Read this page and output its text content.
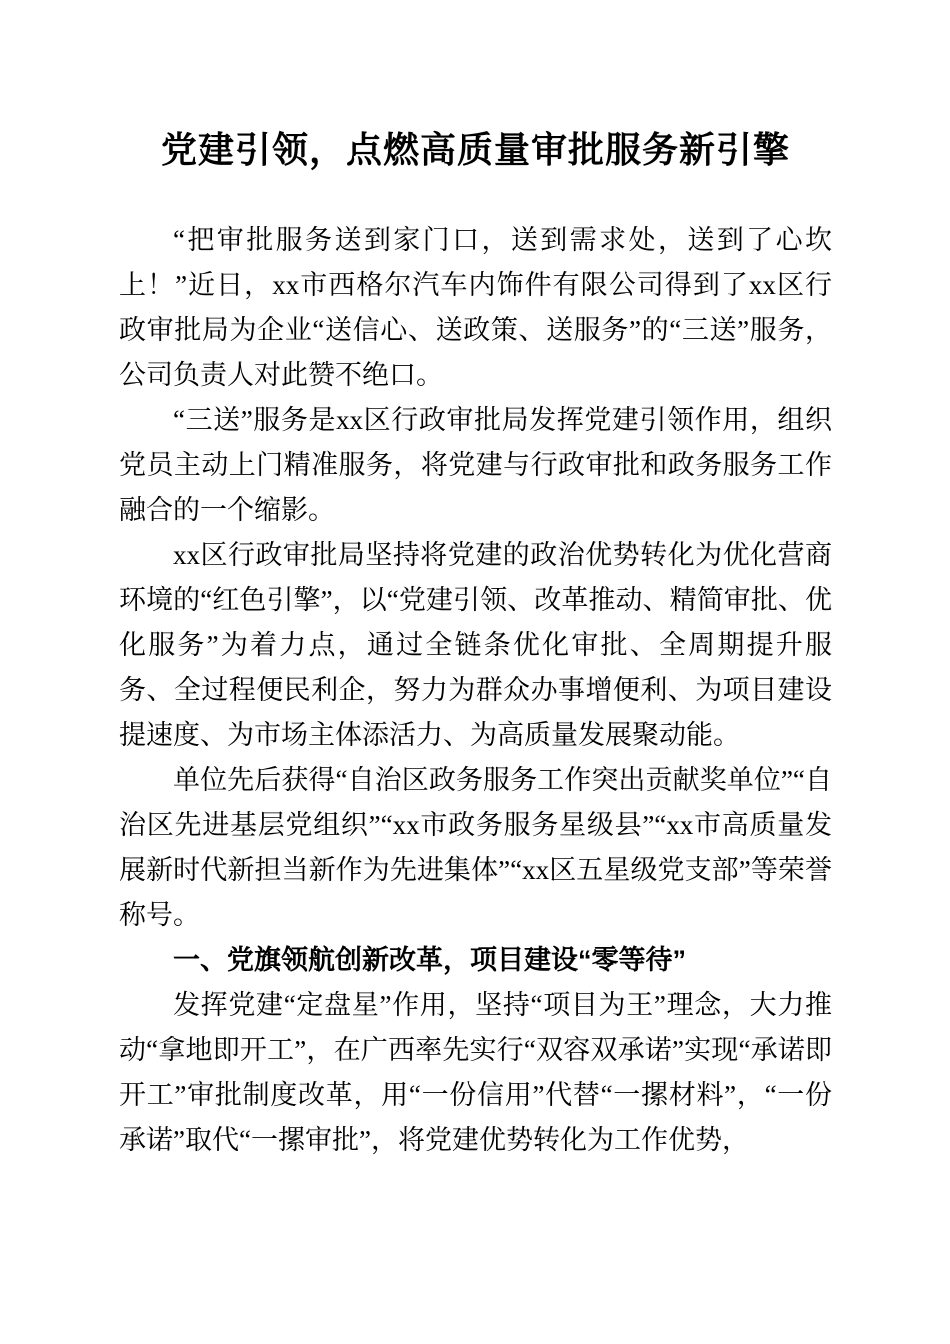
党建引领，点燃高质量审批服务新引擎

“把审批服务送到家门口，送到需求处，送到了心坎上！”近日，xx市西格尔汽车内饰件有限公司得到了xx区行政审批局为企业“送信心、送政策、送服务”的“三送”服务，公司负责人对此赞不绝口。

“三送”服务是xx区行政审批局发挥党建引领作用，组织党员主动上门精准服务，将党建与行政审批和政务服务工作融合的一个缩影。

xx区行政审批局坚持将党建的政治优势转化为优化营商环境的“红色引擎”，以“党建引领、改革推动、精简审批、优化服务”为着力点，通过全链条优化审批、全周期提升服务、全过程便民利企，努力为群众办事增便利、为项目建设提速度、为市场主体添活力、为高质量发展聚动能。

单位先后获得“自治区政务服务工作突出贡献奖单位”“自治区先进基层党组织”“xx市政务服务星级县”“xx市高质量发展新时代新担当新作为先进集体”“xx区五星级党支部”等荣誉称号。

一、党旗领航创新改革，项目建设“零等待”

发挥党建“定盘星”作用，坚持“项目为王”理念，大力推动“拿地即开工”，在广西率先实行“双容双承诺”实现“承诺即开工”审批制度改革，用“一份信用”代替“一摞材料”，“一份承诺”取代“一摞审批”，将党建优势转化为工作优势，
